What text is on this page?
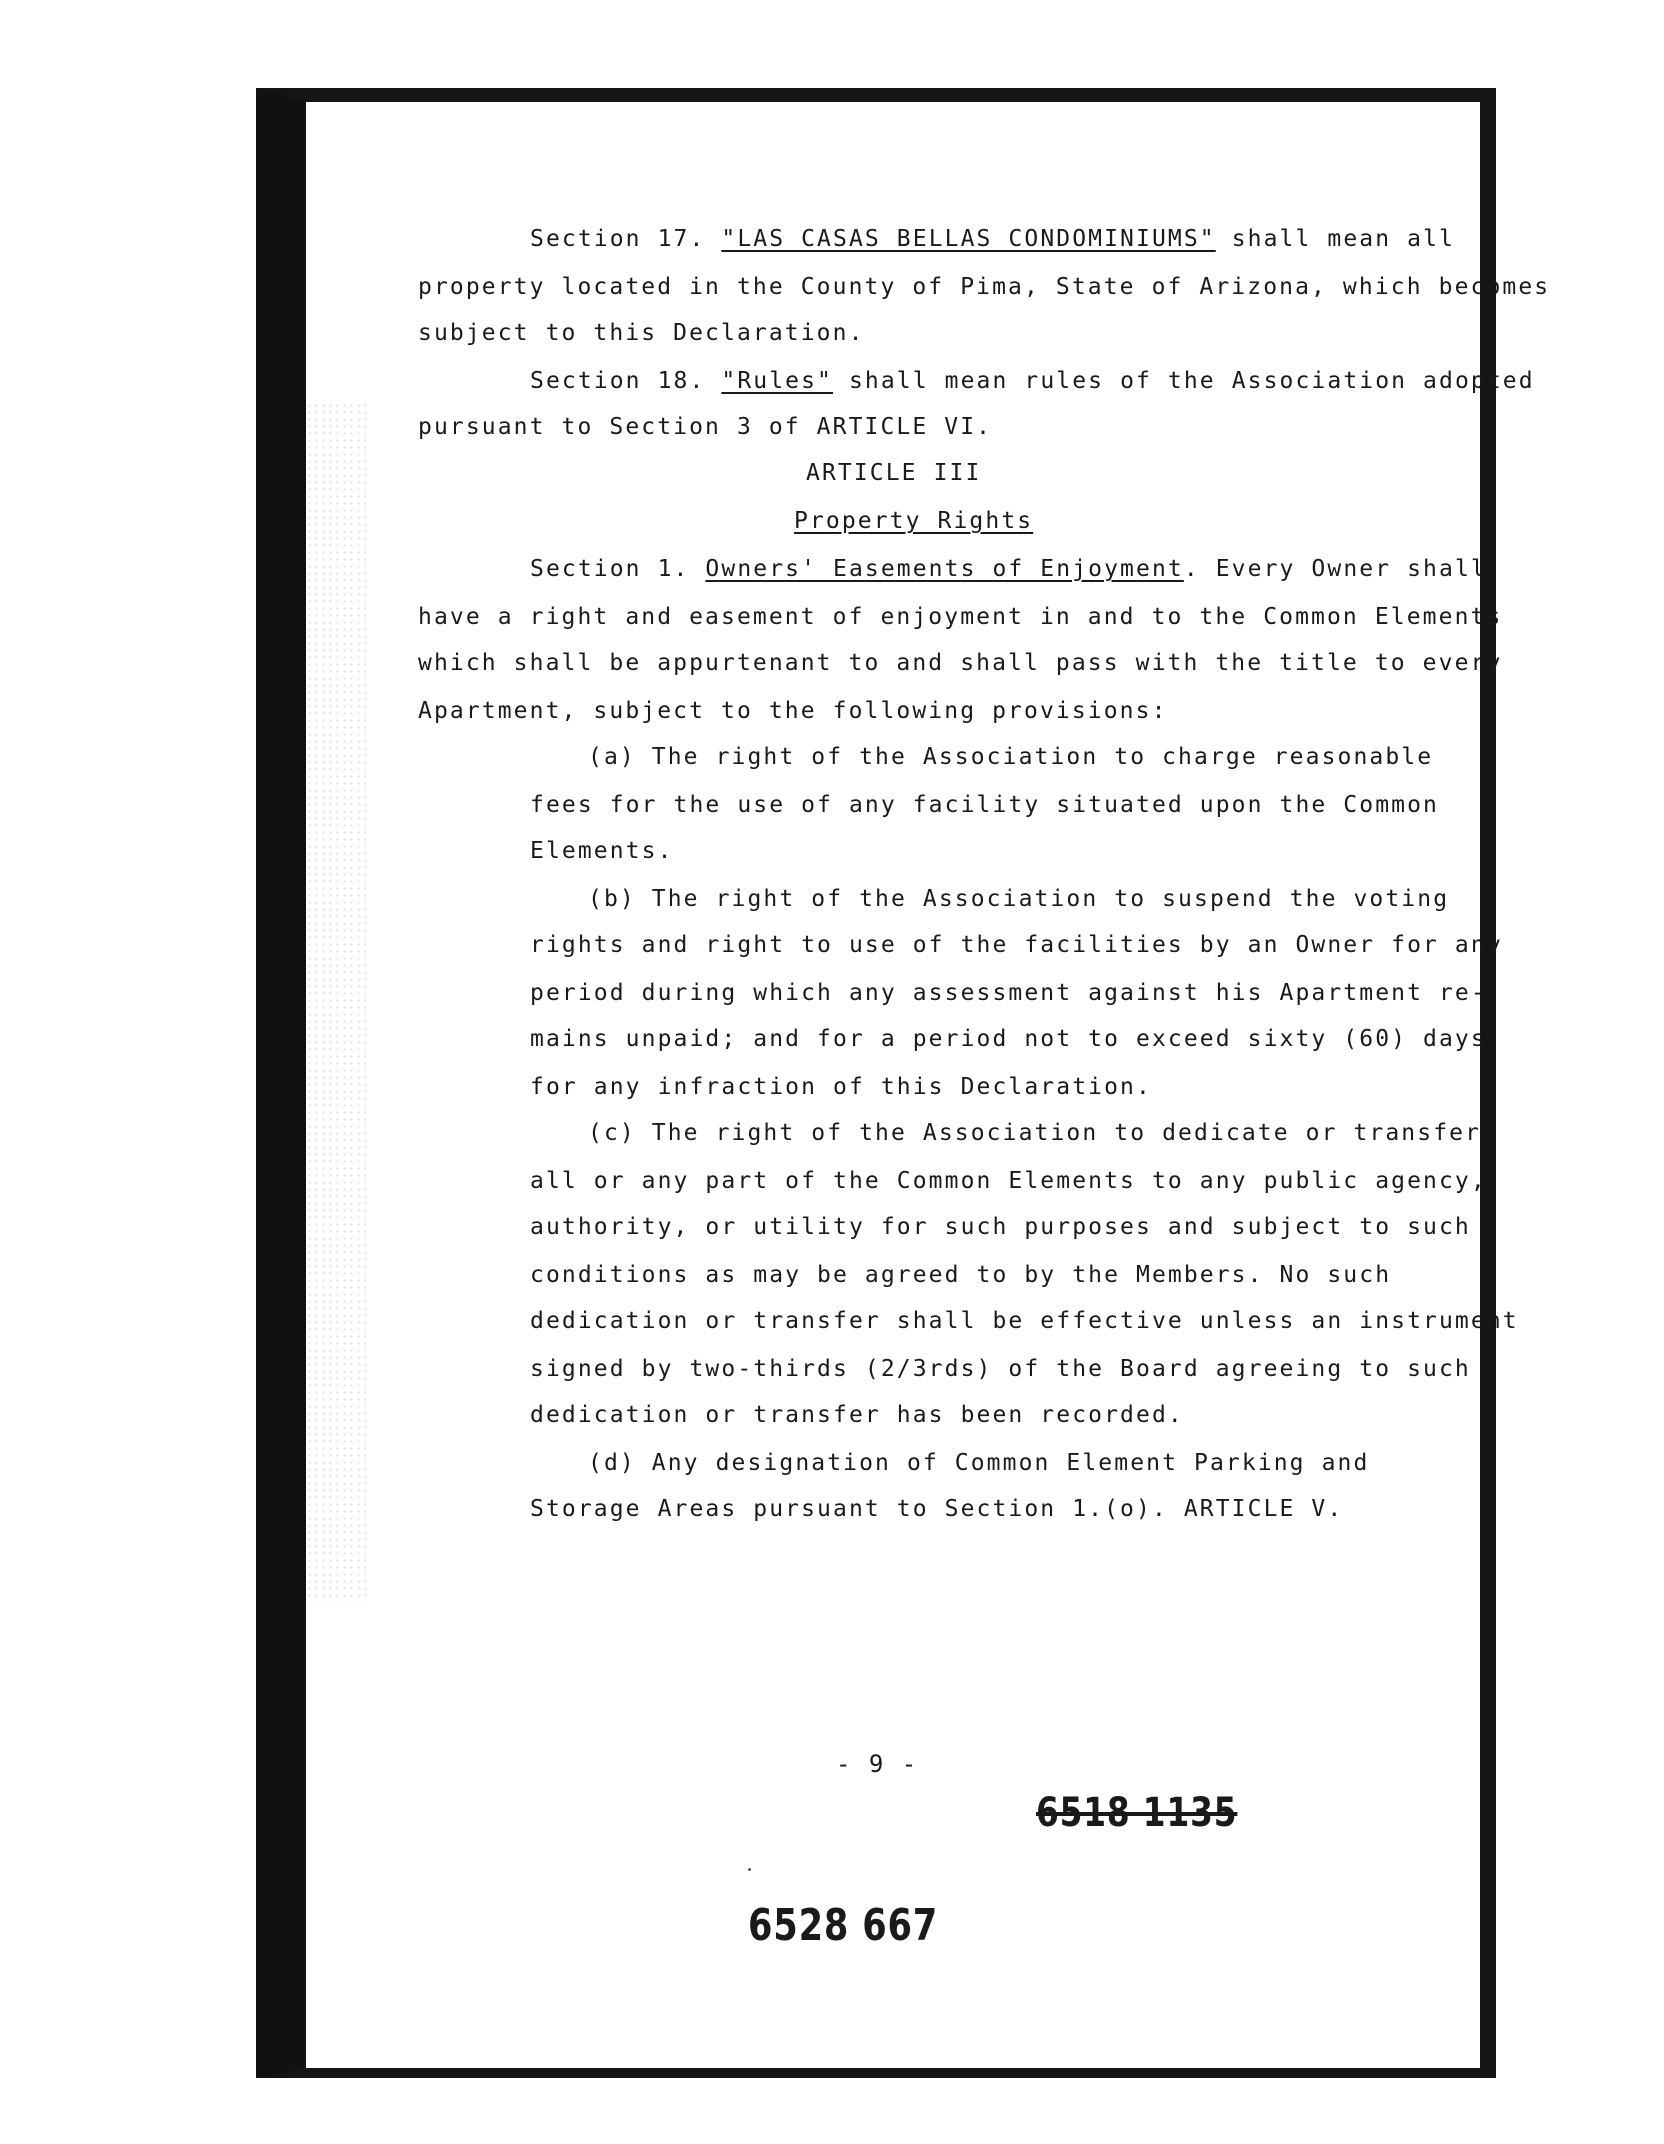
Section 17. "LAS CASAS BELLAS CONDOMINIUMS" shall mean all
property located in the County of Pima, State of Arizona, which becomes
subject to this Declaration.
Section 18. "Rules" shall mean rules of the Association adopted
pursuant to Section 3 of ARTICLE VI.
ARTICLE III
Property Rights
Section 1. Owners' Easements of Enjoyment. Every Owner shall
have a right and easement of enjoyment in and to the Common Elements
which shall be appurtenant to and shall pass with the title to every
Apartment, subject to the following provisions:
(a) The right of the Association to charge reasonable
fees for the use of any facility situated upon the Common
Elements.
(b) The right of the Association to suspend the voting
rights and right to use of the facilities by an Owner for any
period during which any assessment against his Apartment re-
mains unpaid; and for a period not to exceed sixty (60) days
for any infraction of this Declaration.
(c) The right of the Association to dedicate or transfer
all or any part of the Common Elements to any public agency,
authority, or utility for such purposes and subject to such
conditions as may be agreed to by the Members. No such
dedication or transfer shall be effective unless an instrument
signed by two-thirds (2/3rds) of the Board agreeing to such
dedication or transfer has been recorded.
(d) Any designation of Common Element Parking and
Storage Areas pursuant to Section 1.(o). ARTICLE V.
- 9 -
6518 1135
6528 667
